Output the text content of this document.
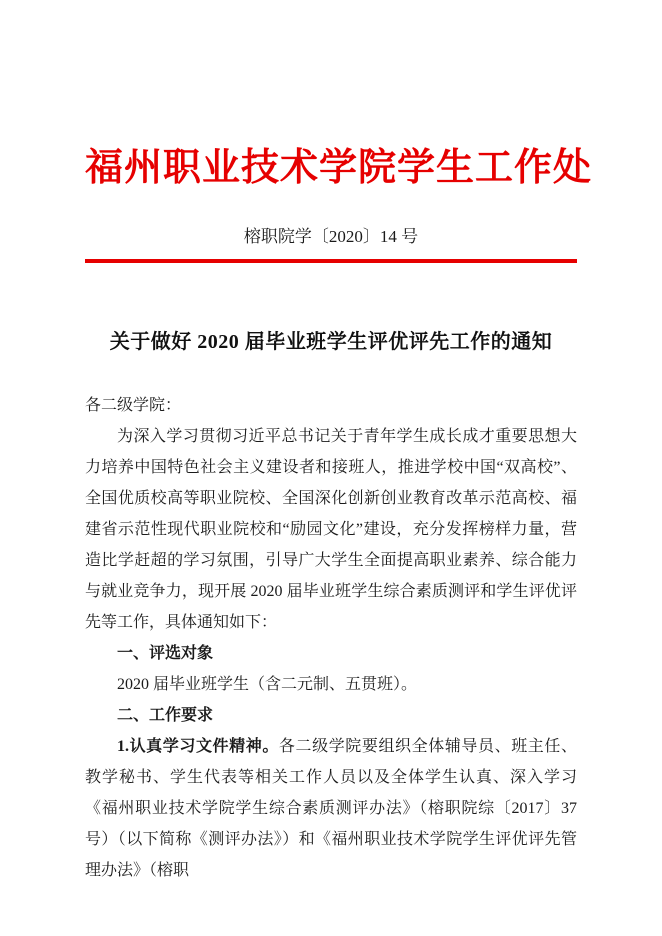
福州职业技术学院学生工作处
榕职院学〔2020〕14 号
关于做好 2020 届毕业班学生评优评先工作的通知

各二级学院：

为深入学习贯彻习近平总书记关于青年学生成长成才重要思想大力培养中国特色社会主义建设者和接班人，推进学校中国“双高校”、全国优质校高等职业院校、全国深化创新创业教育改革示范高校、福建省示范性现代职业院校和“励园文化”建设，充分发挥榜样力量，营造比学赶超的学习氛围，引导广大学生全面提高职业素养、综合能力与就业竞争力，现开展 2020 届毕业班学生综合素质测评和学生评优评先等工作，具体通知如下：

一、评选对象

2020 届毕业班学生（含二元制、五贯班）。

二、工作要求

1.认真学习文件精神。各二级学院要组织全体辅导员、班主任、教学秘书、学生代表等相关工作人员以及全体学生认真、深入学习《福州职业技术学院学生综合素质测评办法》（榕职院综〔2017〕37 号）（以下简称《测评办法》）和《福州职业技术学院学生评优评先管理办法》（榕职
